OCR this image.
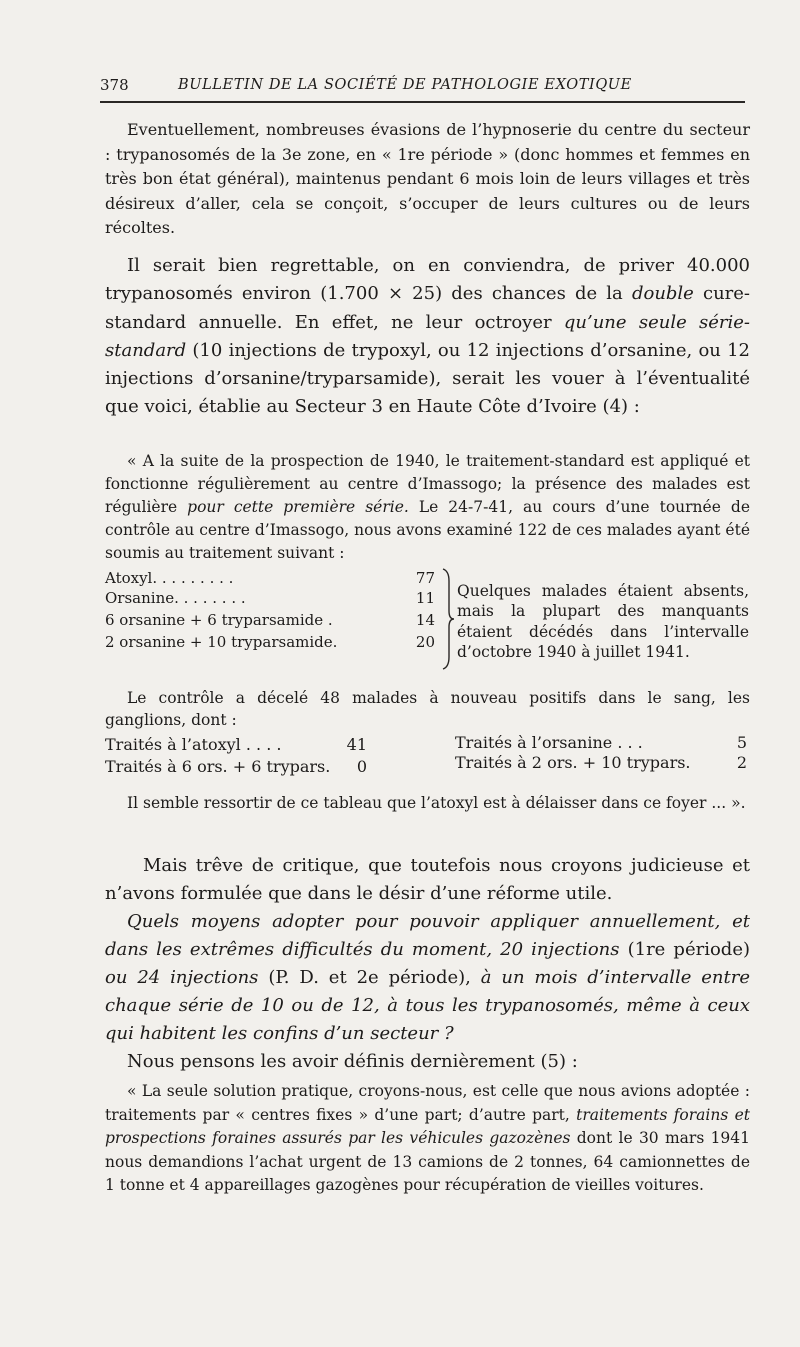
378	BULLETIN DE LA SOCIÉTÉ DE PATHOLOGIE EXOTIQUE

Eventuellement, nombreuses évasions de l’hypnoserie du centre du secteur : trypanosomés de la 3e zone, en « 1re période » (donc hommes et femmes en très bon état général), maintenus pendant 6 mois loin de leurs villages et très désireux d’aller, cela se conçoit, s’occuper de leurs cultures ou de leurs récoltes.

Il serait bien regrettable, on en conviendra, de priver 40.000 trypanosomés environ (1.700 × 25) des chances de la double cure-standard annuelle. En effet, ne leur octroyer qu’une seule série-standard (10 injections de trypoxyl, ou 12 injections d’orsanine, ou 12 injections d’orsanine/tryparsamide), serait les vouer à l’éventualité que voici, établie au Secteur 3 en Haute Côte d’Ivoire (4) :

« A la suite de la prospection de 1940, le traitement-standard est appliqué et fonctionne régulièrement au centre d’Imassogo; la présence des malades est régulière pour cette première série. Le 24-7-41, au cours d’une tournée de contrôle au centre d’Imassogo, nous avons examiné 122 de ces malades ayant été soumis au traitement suivant :

Atoxyl. . . . . . . . .	77
Orsanine. . . . . . . .	11
6 orsanine + 6 tryparsamide .	14
2 orsanine + 10 tryparsamide.	20

Quelques malades étaient absents, mais la plupart des manquants étaient décédés dans l’intervalle d’octobre 1940 à juillet 1941.

Le contrôle a décelé 48 malades à nouveau positifs dans le sang, les ganglions, dont :

Traités à l’atoxyl . . . .	41
Traités à 6 ors. + 6 trypars.	0
Traités à l’orsanine . . .	5
Traités à 2 ors. + 10 trypars.	2

Il semble ressortir de ce tableau que l’atoxyl est à délaisser dans ce foyer ... ».

Mais trêve de critique, que toutefois nous croyons judicieuse et n’avons formulée que dans le désir d’une réforme utile.

Quels moyens adopter pour pouvoir appliquer annuellement, et dans les extrêmes difficultés du moment, 20 injections (1re période) ou 24 injections (P. D. et 2e période), à un mois d’intervalle entre chaque série de 10 ou de 12, à tous les trypanosomés, même à ceux qui habitent les confins d’un secteur ?

Nous pensons les avoir définis dernièrement (5) :

« La seule solution pratique, croyons-nous, est celle que nous avions adoptée : traitements par « centres fixes » d’une part; d’autre part, traitements forains et prospections foraines assurés par les véhicules gazozènes dont le 30 mars 1941 nous demandions l’achat urgent de 13 camions de 2 tonnes, 64 camionnettes de 1 tonne et 4 appareillages gazogènes pour récupération de vieilles voitures.
